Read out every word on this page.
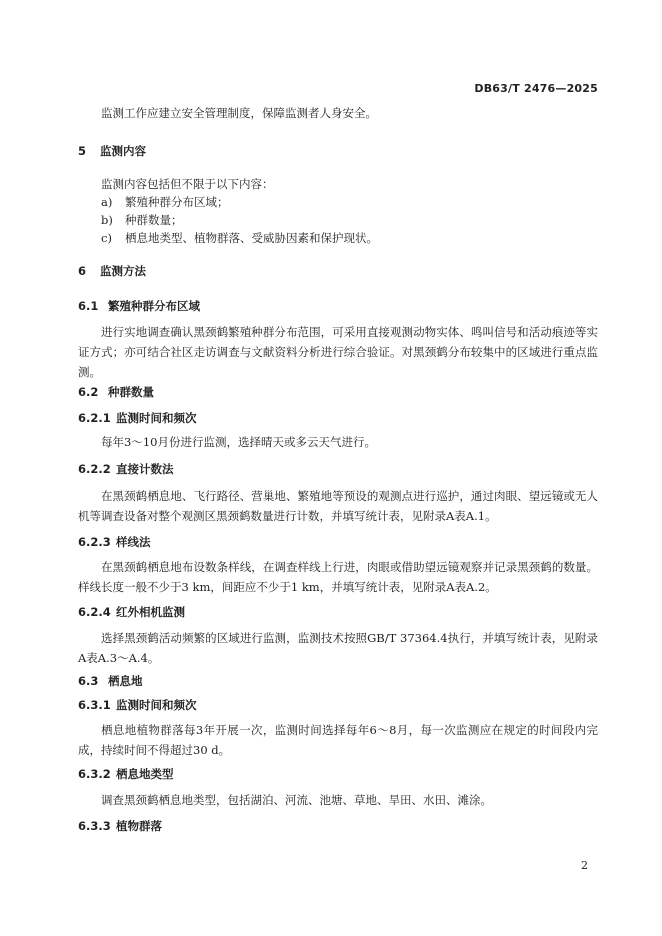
DB63/T 2476—2025
监测工作应建立安全管理制度，保障监测者人身安全。
5 监测内容
监测内容包括但不限于以下内容：
a) 繁殖种群分布区域；
b) 种群数量；
c) 栖息地类型、植物群落、受威胁因素和保护现状。
6 监测方法
6.1 繁殖种群分布区域
进行实地调查确认黑颈鹤繁殖种群分布范围，可采用直接观测动物实体、鸣叫信号和活动痕迹等实证方式；亦可结合社区走访调查与文献资料分析进行综合验证。对黑颈鹤分布较集中的区域进行重点监测。
6.2 种群数量
6.2.1 监测时间和频次
每年3～10月份进行监测，选择晴天或多云天气进行。
6.2.2 直接计数法
在黑颈鹤栖息地、飞行路径、营巢地、繁殖地等预设的观测点进行巡护，通过肉眼、望远镜或无人机等调查设备对整个观测区黑颈鹤数量进行计数，并填写统计表，见附录A表A.1。
6.2.3 样线法
在黑颈鹤栖息地布设数条样线，在调查样线上行进，肉眼或借助望远镜观察并记录黑颈鹤的数量。样线长度一般不少于3 km，间距应不少于1 km，并填写统计表，见附录A表A.2。
6.2.4 红外相机监测
选择黑颈鹤活动频繁的区域进行监测，监测技术按照GB/T 37364.4执行，并填写统计表，见附录A表A.3～A.4。
6.3 栖息地
6.3.1 监测时间和频次
栖息地植物群落每3年开展一次，监测时间选择每年6～8月，每一次监测应在规定的时间段内完成，持续时间不得超过30 d。
6.3.2 栖息地类型
调查黑颈鹤栖息地类型，包括湖泊、河流、池塘、草地、旱田、水田、滩涂。
6.3.3 植物群落
2
